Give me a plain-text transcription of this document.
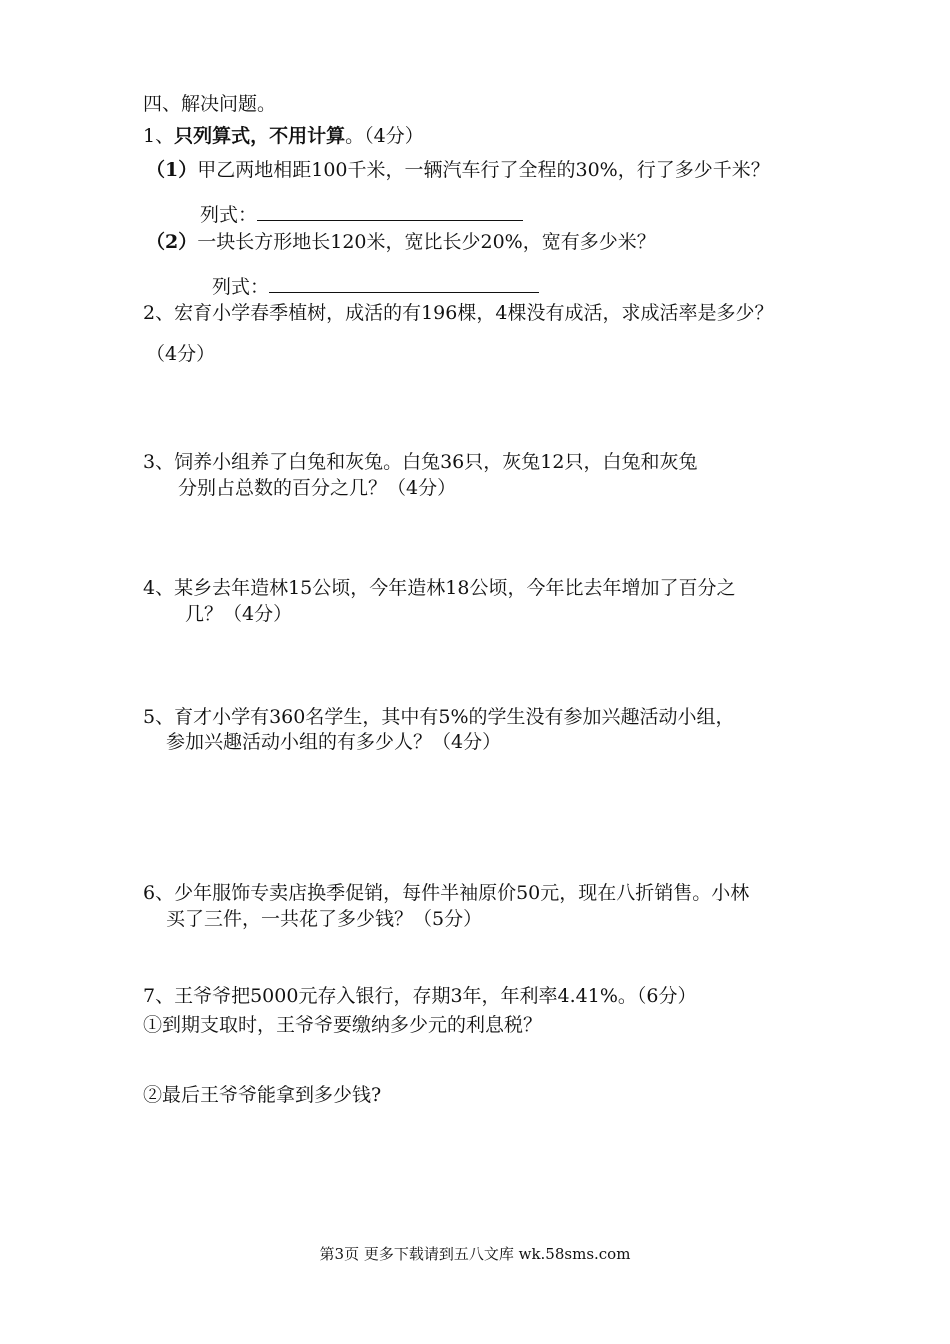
四、解决问题。
1、只列算式，不用计算。（4分）
（1）甲乙两地相距100千米，一辆汽车行了全程的30%，行了多少千米？
列式：
（2）一块长方形地长120米，宽比长少20%，宽有多少米？
列式：
2、宏育小学春季植树，成活的有196棵，4棵没有成活，求成活率是多少？
（4分）
3、饲养小组养了白兔和灰兔。白兔36只，灰兔12只，白兔和灰兔
分别占总数的百分之几？（4分）
4、某乡去年造林15公顷，今年造林18公顷，今年比去年增加了百分之
几？（4分）
5、育才小学有360名学生，其中有5%的学生没有参加兴趣活动小组，
参加兴趣活动小组的有多少人？（4分）
6、少年服饰专卖店换季促销，每件半袖原价50元，现在八折销售。小林
买了三件，一共花了多少钱？（5分）
7、王爷爷把5000元存入银行，存期3年，年利率4.41%。（6分）
①到期支取时，王爷爷要缴纳多少元的利息税？
②最后王爷爷能拿到多少钱?
第3页 更多下载请到五八文库 wk.58sms.com
